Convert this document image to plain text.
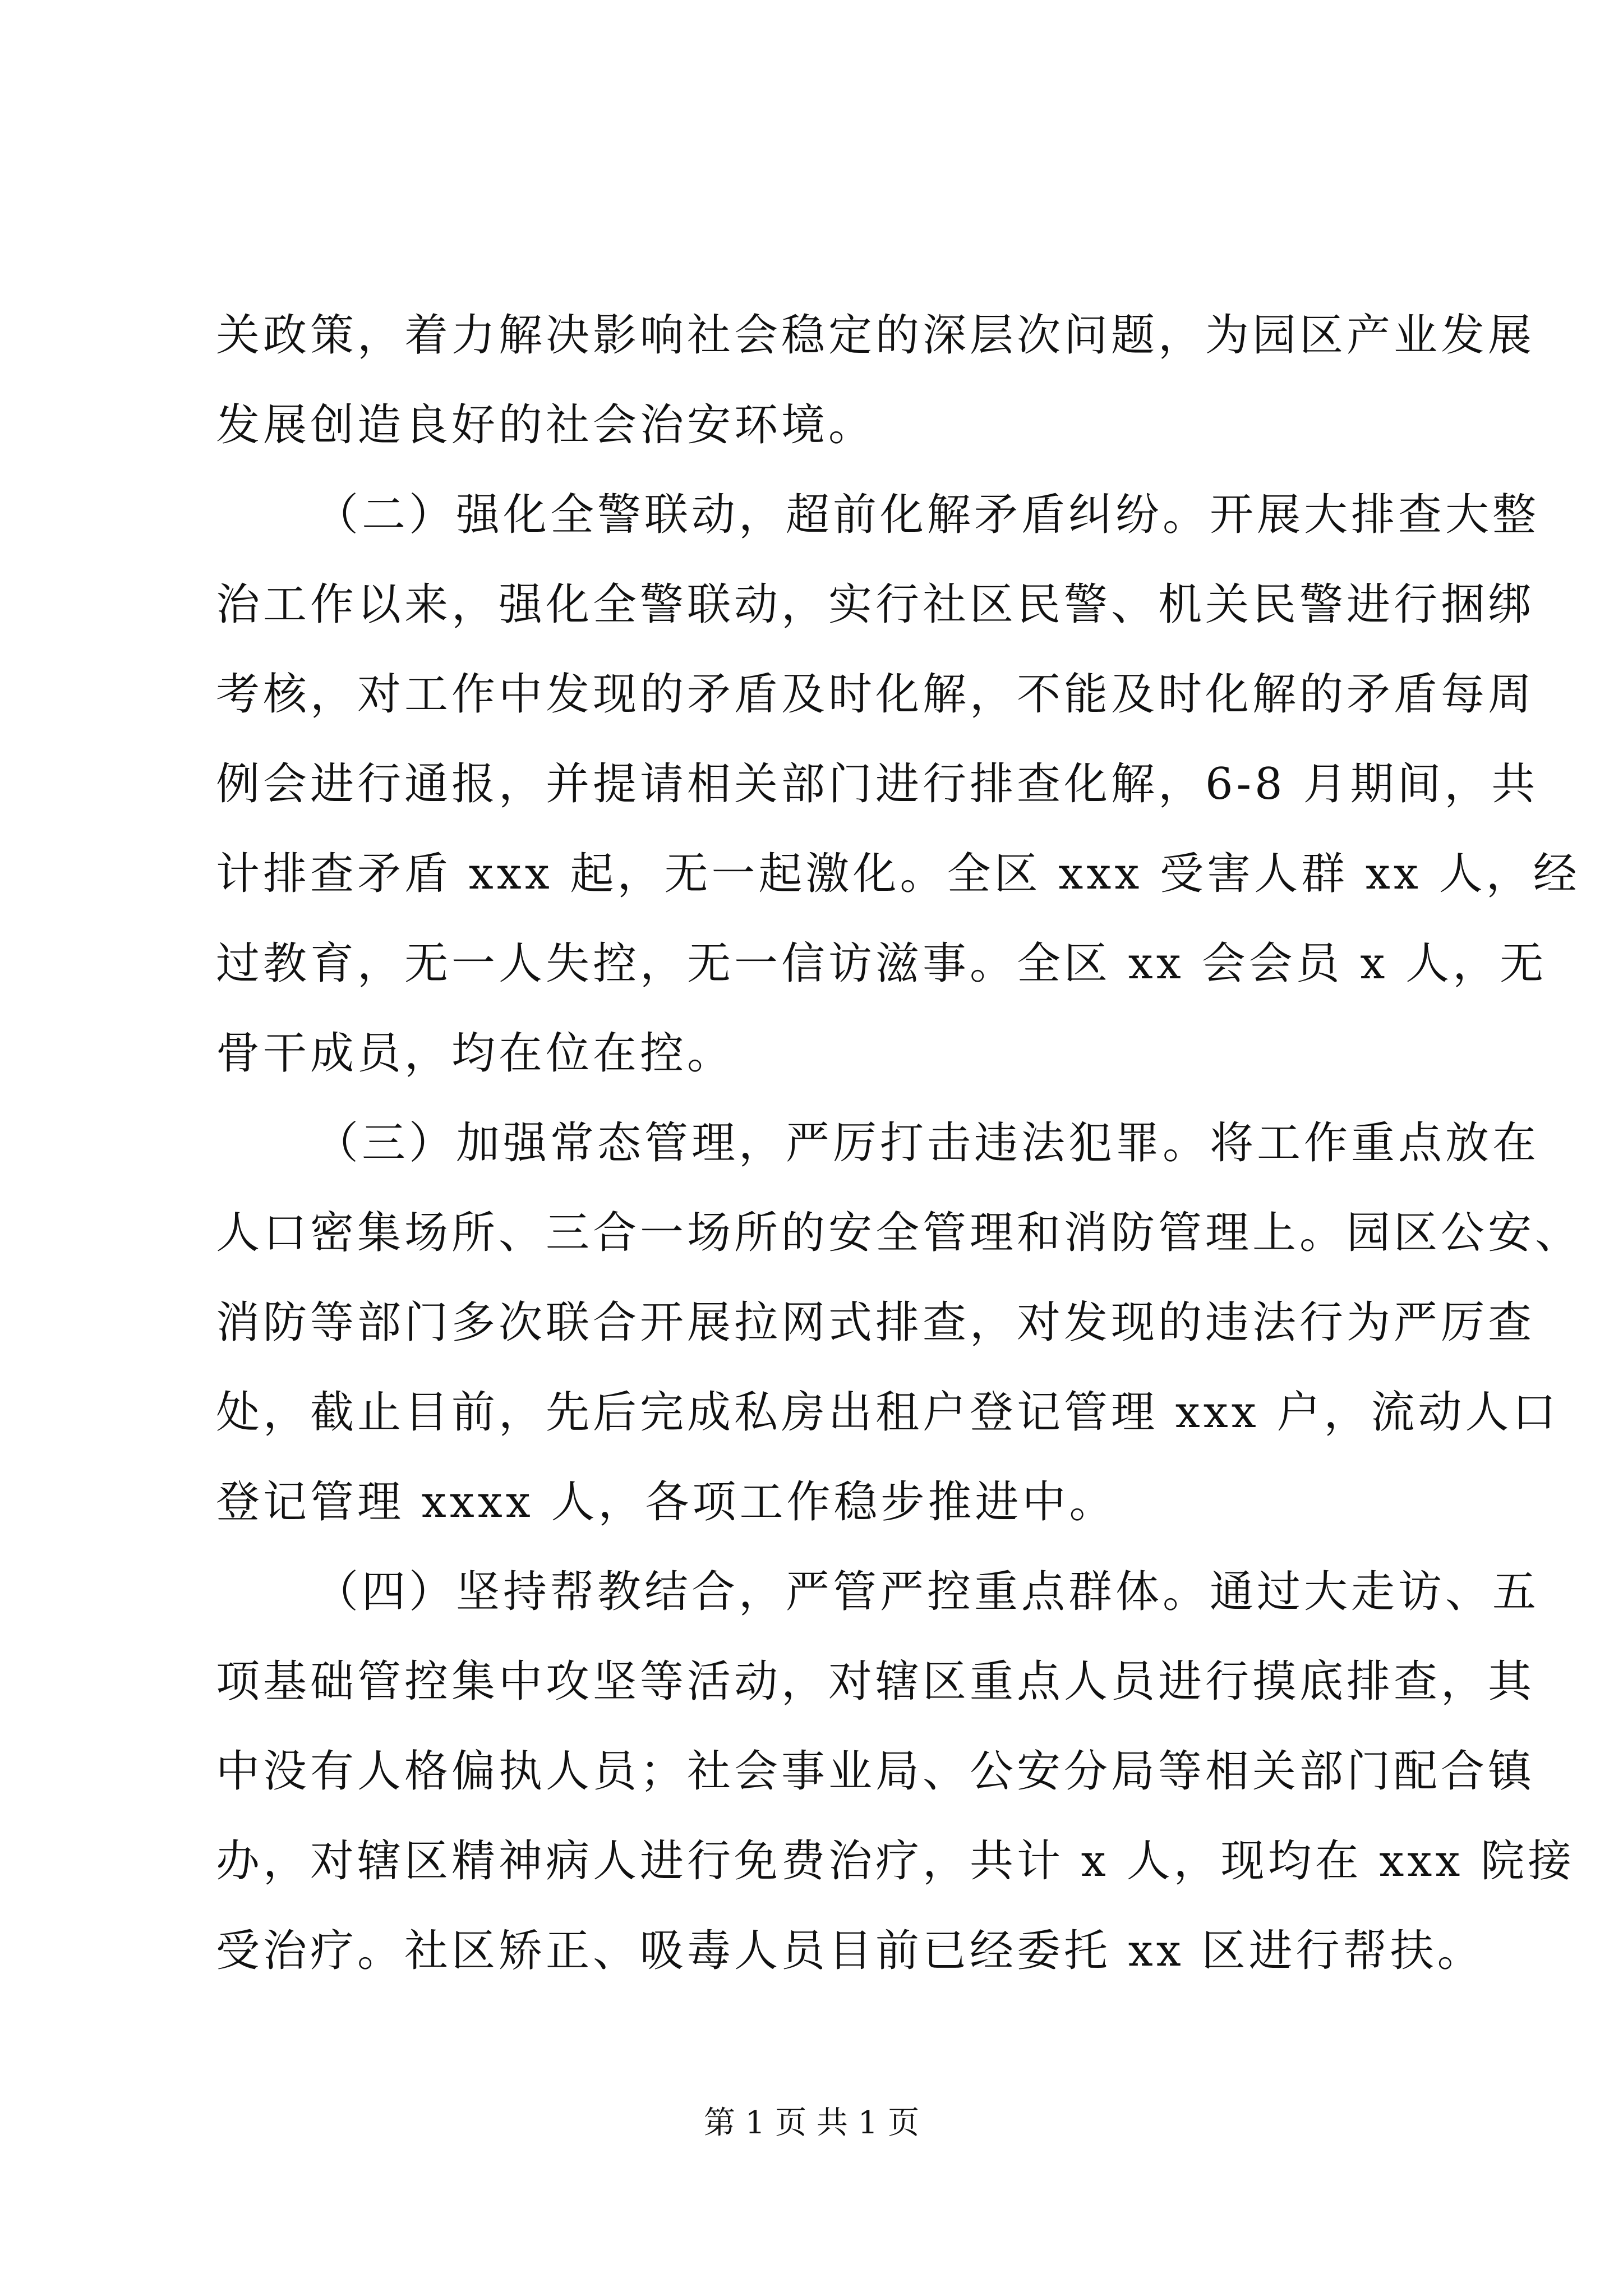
关政策，着力解决影响社会稳定的深层次问题，为园区产业发展
发展创造良好的社会治安环境。
（二）强化全警联动，超前化解矛盾纠纷。开展大排查大整
治工作以来，强化全警联动，实行社区民警、机关民警进行捆绑
考核，对工作中发现的矛盾及时化解，不能及时化解的矛盾每周
例会进行通报，并提请相关部门进行排查化解，6-8 月期间，共
计排查矛盾 xxx 起，无一起激化。全区 xxx 受害人群 xx 人，经
过教育，无一人失控，无一信访滋事。全区 xx 会会员 x 人，无
骨干成员，均在位在控。
（三）加强常态管理，严厉打击违法犯罪。将工作重点放在
人口密集场所、三合一场所的安全管理和消防管理上。园区公安、
消防等部门多次联合开展拉网式排查，对发现的违法行为严厉查
处，截止目前，先后完成私房出租户登记管理 xxx 户，流动人口
登记管理 xxxx 人，各项工作稳步推进中。
（四）坚持帮教结合，严管严控重点群体。通过大走访、五
项基础管控集中攻坚等活动，对辖区重点人员进行摸底排查，其
中没有人格偏执人员；社会事业局、公安分局等相关部门配合镇
办，对辖区精神病人进行免费治疗，共计 x 人，现均在 xxx 院接
受治疗。社区矫正、吸毒人员目前已经委托 xx 区进行帮扶。
第 1 页 共 1 页
